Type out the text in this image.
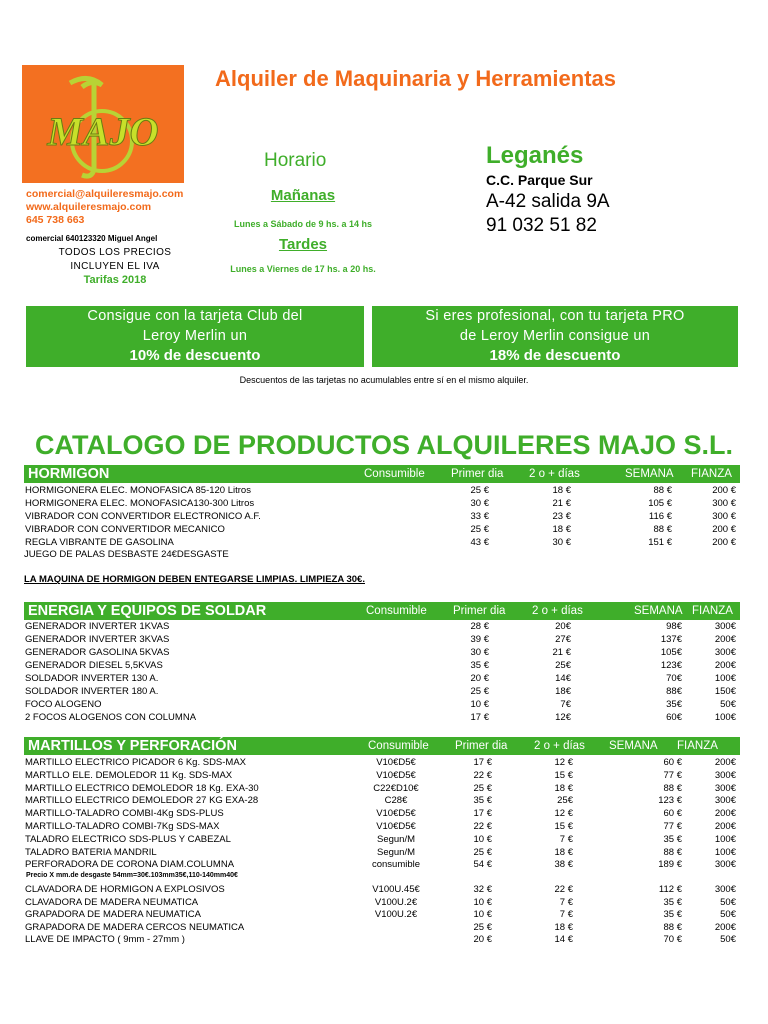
MAJO
Alquiler de Maquinaria y Herramientas
comercial@alquileresmajo.com
www.alquileresmajo.com
645 738 663
comercial 640123320 Miguel Angel
TODOS LOS PRECIOS
INCLUYEN EL IVA
Tarifas 2018
Horario
Mañanas
Lunes a Sábado de 9 hs. a 14 hs
Tardes
Lunes a Viernes de 17 hs. a 20 hs.
Leganés
C.C. Parque Sur
A-42 salida 9A
91 032 51 82
Consigue con la tarjeta Club del
Leroy Merlin un
10% de descuento
Si eres profesional, con tu tarjeta PRO
de Leroy Merlin consigue un
18% de descuento
Descuentos de las tarjetas no acumulables entre sí en el mismo alquiler.
CATALOGO DE PRODUCTOS ALQUILERES MAJO S.L.
HORMIGON	Consumible Primer dia 2 o + días	SEMANA FIANZA
HORMIGONERA ELEC. MONOFASICA 85-120 Litros	25 €	18 €	88 €	200 €
HORMIGONERA ELEC. MONOFASICA130-300 Litros	30 €	21 €	105 €	300 €
VIBRADOR CON CONVERTIDOR ELECTRONICO A.F.	33 €	23 €	116 €	300 €
VIBRADOR CON CONVERTIDOR MECANICO	25 €	18 €	88 €	200 €
REGLA VIBRANTE DE GASOLINA	43 €	30 €	151 €	200 €
JUEGO DE PALAS DESBASTE 24€DESGASTE
LA MAQUINA DE HORMIGON DEBEN ENTEGARSE LIMPIAS. LIMPIEZA 30€.
ENERGIA Y EQUIPOS DE SOLDAR	Consumible Primer dia 2 o + días	SEMANA FIANZA
GENERADOR INVERTER 1KVAS	28 €	20€	98€	300€
GENERADOR INVERTER 3KVAS	39 €	27€	137€	200€
GENERADOR GASOLINA 5KVAS	30 €	21 €	105€	300€
GENERADOR DIESEL 5,5KVAS	35 €	25€	123€	200€
SOLDADOR INVERTER 130 A.	20 €	14€	70€	100€
SOLDADOR INVERTER 180 A.	25 €	18€	88€	150€
FOCO ALOGENO	10 €	7€	35€	50€
2 FOCOS ALOGENOS CON COLUMNA	17 €	12€	60€	100€
MARTILLOS Y PERFORACIÓN	Consumible Primer dia 2 o + días SEMANA FIANZA
MARTILLO ELECTRICO PICADOR 6 Kg. SDS-MAX	V10€D5€	17 €	12 €	60 €	200€
MARTLLO ELE. DEMOLEDOR 11 Kg. SDS-MAX	V10€D5€	22 €	15 €	77 €	300€
MARTILLO ELECTRICO DEMOLEDOR 18 Kg. EXA-30	C22€D10€	25 €	18 €	88 €	300€
MARTILLO ELECTRICO DEMOLEDOR 27 KG EXA-28	C28€	35 €	25€	123 €	300€
MARTILLO-TALADRO COMBI-4Kg SDS-PLUS	V10€D5€	17 €	12 €	60 €	200€
MARTILLO-TALADRO COMBI-7Kg SDS-MAX	V10€D5€	22 €	15 €	77 €	200€
TALADRO ELECTRICO SDS-PLUS Y CABEZAL	Segun/M	10 €	7 €	35 €	100€
TALADRO BATERIA MANDRIL	Segun/M	25 €	18 €	88 €	100€
PERFORADORA DE CORONA DIAM.COLUMNA	consumible	54 €	38 €	189 €	300€
Precio X mm.de desgaste 54mm=30€.103mm35€,110-140mm40€
CLAVADORA DE HORMIGON A EXPLOSIVOS	V100U.45€	32 €	22 €	112 €	300€
CLAVADORA DE MADERA NEUMATICA	V100U.2€	10 €	7 €	35 €	50€
GRAPADORA DE MADERA NEUMATICA	V100U.2€	10 €	7 €	35 €	50€
GRAPADORA DE MADERA CERCOS NEUMATICA	25 €	18 €	88 €	200€
LLAVE DE IMPACTO ( 9mm - 27mm )	20 €	14 €	70 €	50€
